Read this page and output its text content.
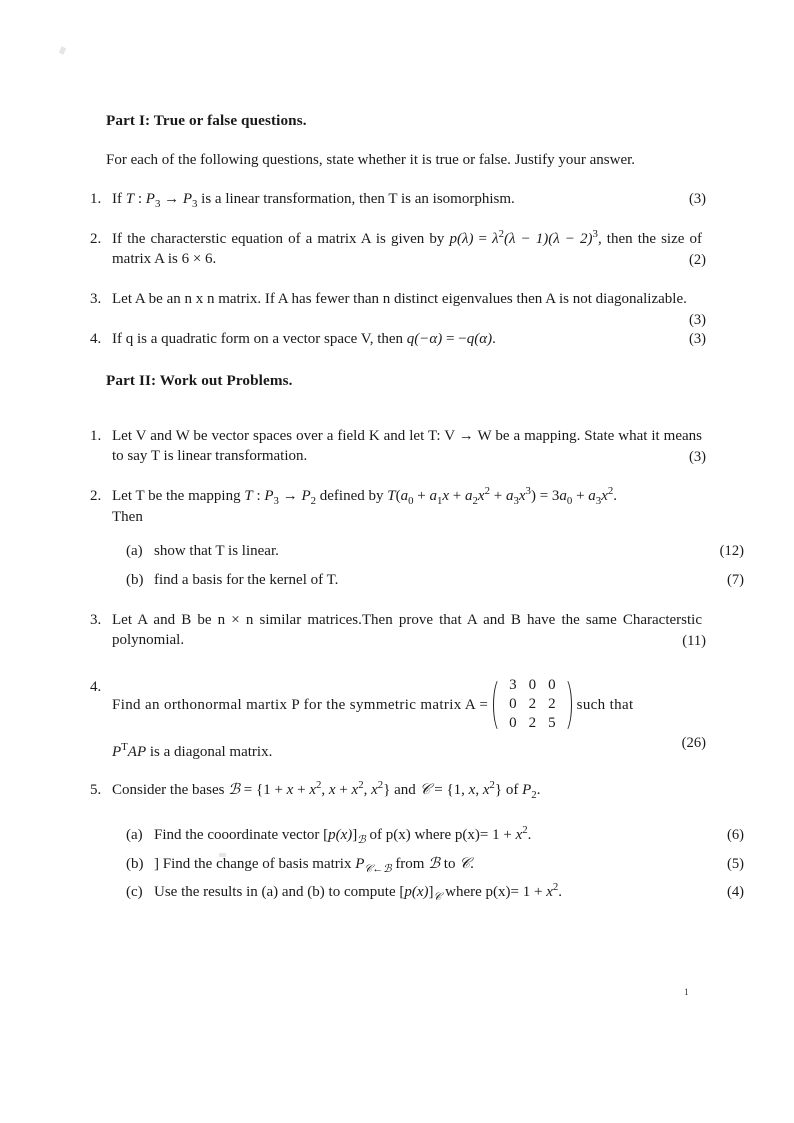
Part I: True or false questions.
For each of the following questions, state whether it is true or false. Justify your answer.
1. If T : $P_3 \to P_3$ is a linear transformation, then T is an isomorphism.	(3)
2. If the characterstic equation of a matrix A is given by $p(\lambda) = \lambda^2(\lambda - 1)(\lambda - 2)^3$, then the size of matrix A is 6 × 6.	(2)
3. Let A be an n x n matrix. If A has fewer than n distinct eigenvalues then A is not diagonalizable.
(3)
4. If q is a quadratic form on a vector space V, then q(−α) = −q(α).	(3)
Part II: Work out Problems.
1. Let V and W be vector spaces over a field K and let T: V → W be a mapping. State what it means to say T is linear transformation.	(3)
2. Let T be the mapping T : $P_3 \to P_2$ defined by $T(a_0 + a_1x + a_2x^2 + a_3x^3) = 3a_0 + a_3x^2$.
Then
(a) show that T is linear.	(12)
(b) find a basis for the kernel of T.	(7)
3. Let A and B be n × n similar matrices.Then prove that A and B have the same Characterstic polynomial.	(11)
4.
Find an orthonormal martix P for the symmetric matrix A =
3	0	0
0	2	2
0	2	5
such that
$P^TAP$ is a diagonal matrix.
(26)
5. Consider the bases ℬ = {$1 + x + x^2$, $x + x^2$, $x^2$} and 𝒞 = {1, x, $x^2$} of $P_2$.
(a) Find the cooordinate vector $[p(x)]_ℬ$ of p(x) where $p(x)= 1 + x^2$.	(6)
(b) ] Find the change of basis matrix $P_{𝒞\leftarrow ℬ}$ from ℬ to 𝒞.	(5)
(c) Use the results in (a) and (b) to compute $[p(x)]_𝒞$ where $p(x)= 1 + x^2$.	(4)
1
